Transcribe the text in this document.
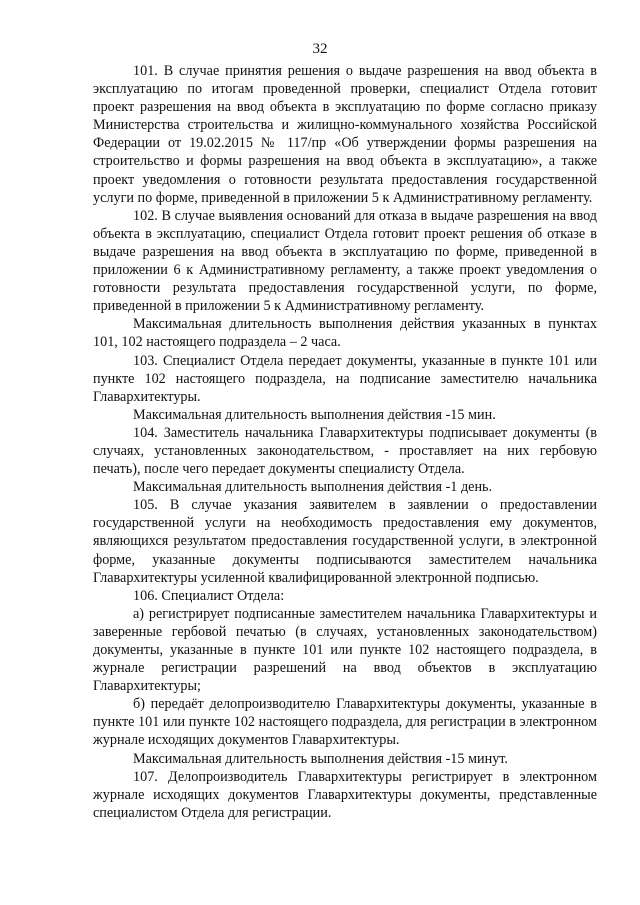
32

101. В случае принятия решения о выдаче разрешения на ввод объекта в эксплуатацию по итогам проведенной проверки, специалист Отдела готовит проект разрешения на ввод объекта в эксплуатацию по форме согласно приказу Министерства строительства и жилищно-коммунального хозяйства Российской Федерации от 19.02.2015 № 117/пр «Об утверждении формы разрешения на строительство и формы разрешения на ввод объекта в эксплуатацию», а также проект уведомления о готовности результата предоставления государственной услуги по форме, приведенной в приложении 5 к Административному регламенту.

102. В случае выявления оснований для отказа в выдаче разрешения на ввод объекта в эксплуатацию, специалист Отдела готовит проект решения об отказе в выдаче разрешения на ввод объекта в эксплуатацию по форме, приведенной в приложении 6 к Административному регламенту, а также проект уведомления о готовности результата предоставления государственной услуги, по форме, приведенной в приложении 5 к Административному регламенту.

Максимальная длительность выполнения действия указанных в пунктах 101, 102 настоящего подраздела – 2 часа.

103. Специалист Отдела передает документы, указанные в пункте 101 или пункте 102 настоящего подраздела, на подписание заместителю начальника Главархитектуры.

Максимальная длительность выполнения действия -15 мин.

104. Заместитель начальника Главархитектуры подписывает документы (в случаях, установленных законодательством, - проставляет на них гербовую печать), после чего передает документы специалисту Отдела.

Максимальная длительность выполнения действия -1 день.

105. В случае указания заявителем в заявлении о предоставлении государственной услуги на необходимость предоставления ему документов, являющихся результатом предоставления государственной услуги, в электронной форме, указанные документы подписываются заместителем начальника Главархитектуры усиленной квалифицированной электронной подписью.

106. Специалист Отдела:

а) регистрирует подписанные заместителем начальника Главархитектуры и заверенные гербовой печатью (в случаях, установленных законодательством) документы, указанные в пункте 101 или пункте 102 настоящего подраздела, в журнале регистрации разрешений на ввод объектов в эксплуатацию Главархитектуры;

б) передаёт делопроизводителю Главархитектуры документы, указанные в пункте 101 или пункте 102 настоящего подраздела, для регистрации в электронном журнале исходящих документов Главархитектуры.

Максимальная длительность выполнения действия -15 минут.

107. Делопроизводитель Главархитектуры регистрирует в электронном журнале исходящих документов Главархитектуры документы, представленные специалистом Отдела для регистрации.
